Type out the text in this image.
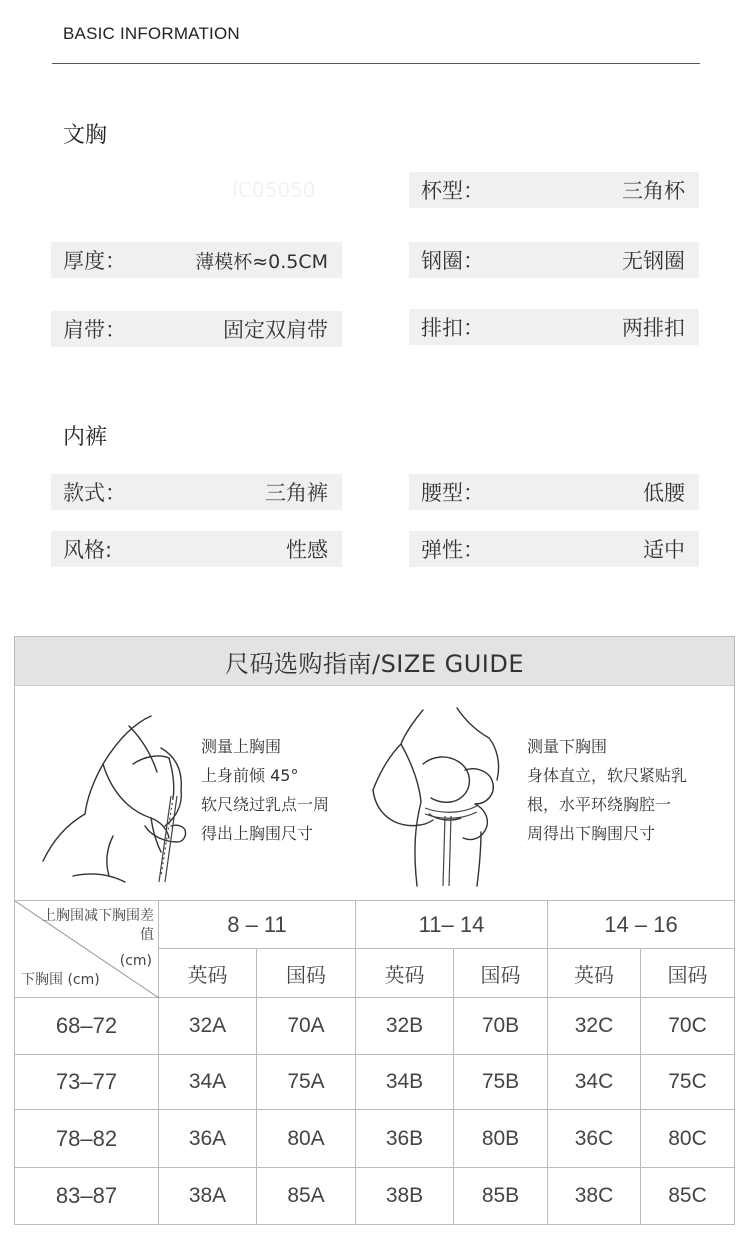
BASIC INFORMATION
文胸
IC05050	杯型：	三角杯
厚度：	薄模杯≈0.5CM	钢圈：	无钢圈
肩带：	固定双肩带	排扣：	两排扣
内裤
款式：	三角裤	腰型：	低腰
风格:	性感	弹性：	适中
尺码选购指南/SIZE GUIDE
测量上胸围
上身前倾 45°
软尺绕过乳点一周
得出上胸围尺寸
测量下胸围
身体直立，软尺紧贴乳
根，水平环绕胸腔一
周得出下胸围尺寸
上胸围减下胸围差值
(cm)
下胸围 (cm)
8 – 11	11– 14	14 – 16
英码	国码	英码	国码	英码	国码
68–72	32A	70A	32B	70B	32C	70C
73–77	34A	75A	34B	75B	34C	75C
78–82	36A	80A	36B	80B	36C	80C
83–87	38A	85A	38B	85B	38C	85C
